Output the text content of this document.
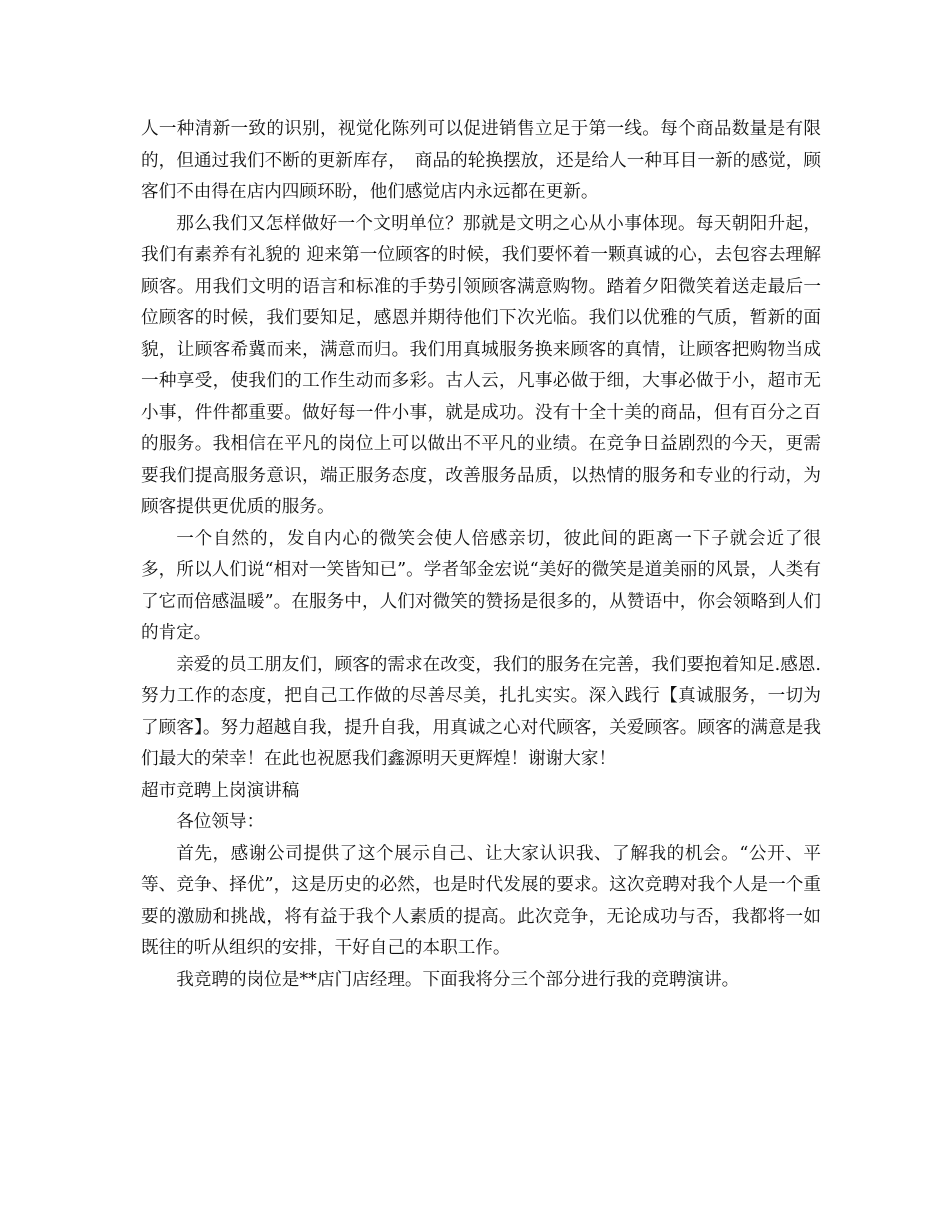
人一种清新一致的识别，视觉化陈列可以促进销售立足于第一线。每个商品数量是有限的，但通过我们不断的更新库存，　商品的轮换摆放，还是给人一种耳目一新的感觉，顾客们不由得在店内四顾环盼，他们感觉店内永远都在更新。

那么我们又怎样做好一个文明单位？那就是文明之心从小事体现。每天朝阳升起，我们有素养有礼貌的 迎来第一位顾客的时候，我们要怀着一颗真诚的心，去包容去理解顾客。用我们文明的语言和标准的手势引领顾客满意购物。踏着夕阳微笑着送走最后一位顾客的时候，我们要知足，感恩并期待他们下次光临。我们以优雅的气质，暂新的面貌，让顾客希冀而来，满意而归。我们用真城服务换来顾客的真情，让顾客把购物当成一种享受，使我们的工作生动而多彩。古人云，凡事必做于细，大事必做于小，超市无小事，件件都重要。做好每一件小事，就是成功。没有十全十美的商品，但有百分之百的服务。我相信在平凡的岗位上可以做出不平凡的业绩。在竞争日益剧烈的今天，更需要我们提高服务意识，端正服务态度，改善服务品质，以热情的服务和专业的行动，为顾客提供更优质的服务。

一个自然的，发自内心的微笑会使人倍感亲切，彼此间的距离一下子就会近了很多，所以人们说“相对一笑皆知已”。学者邹金宏说“美好的微笑是道美丽的风景，人类有了它而倍感温暖”。在服务中，人们对微笑的赞扬是很多的，从赞语中，你会领略到人们的肯定。

亲爱的员工朋友们，顾客的需求在改变，我们的服务在完善，我们要抱着知足.感恩.努力工作的态度，把自己工作做的尽善尽美，扎扎实实。深入践行【真诚服务，一切为了顾客】。努力超越自我，提升自我，用真诚之心对代顾客，关爱顾客。顾客的满意是我们最大的荣幸！在此也祝愿我们鑫源明天更辉煌！谢谢大家！

超市竞聘上岗演讲稿

各位领导：

首先，感谢公司提供了这个展示自己、让大家认识我、了解我的机会。“公开、平等、竞争、择优”，这是历史的必然，也是时代发展的要求。这次竞聘对我个人是一个重要的激励和挑战，将有益于我个人素质的提高。此次竞争，无论成功与否，我都将一如既往的听从组织的安排，干好自己的本职工作。

我竞聘的岗位是**店门店经理。下面我将分三个部分进行我的竞聘演讲。
